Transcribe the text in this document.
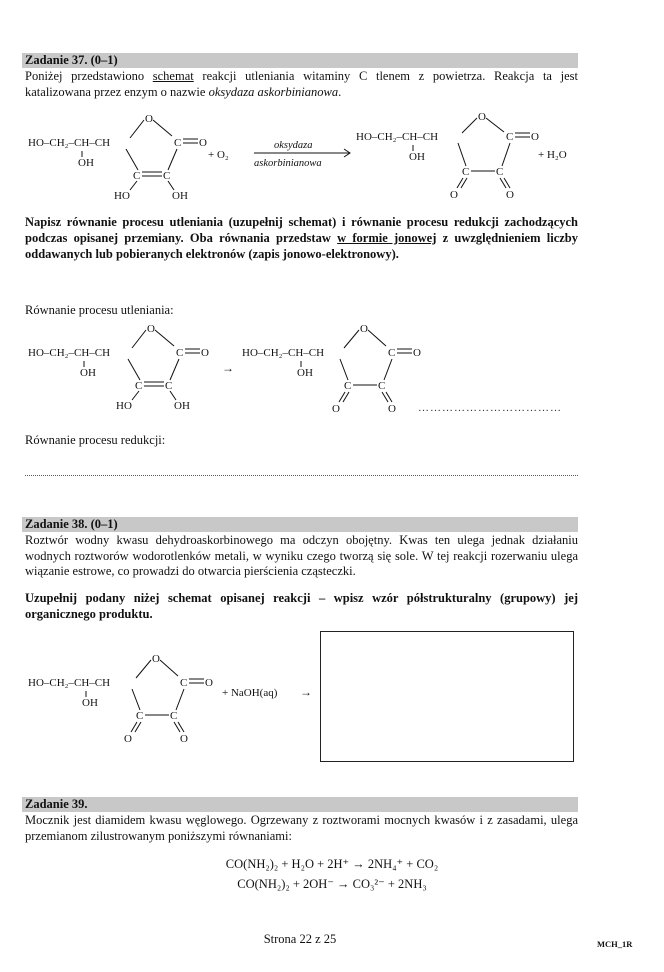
Zadanie 37. (0–1)
Poniżej przedstawiono schemat reakcji utleniania witaminy C tlenem z powietrza. Reakcja ta jest katalizowana przez enzym o nazwie oksydaza askorbinianowa.
HO–CH₂–CH–CH
OH
O
C O
C C
HO	OH
+ O₂
oksydaza
askorbinianowa
HO–CH₂–CH–CH
OH
O
C O
C C
O	O
+ H₂O
Napisz równanie procesu utleniania (uzupełnij schemat) i równanie procesu redukcji zachodzących podczas opisanej przemiany. Obа równania przedstaw w formie jonowej z uwzględnieniem liczby oddawanych lub pobieranych elektronów (zapis jonowo-elektronowy).
Równanie procesu utleniania:
HO–CH₂–CH–CH
OH
O
C O
C C
HO	OH
→
HO–CH₂–CH–CH
OH
O
C O
C C
O	O ………………………………
Równanie procesu redukcji:
Zadanie 38. (0–1)
Roztwór wodny kwasu dehydroaskorbinowego ma odczyn obojętny. Kwas ten ulega jednak działaniu wodnych roztworów wodorotlenków metali, w wyniku czego tworzą się sole. W tej reakcji rozerwaniu ulega wiązanie estrowe, co prowadzi do otwarcia pierścienia cząsteczki.
Uzupełnij podany niżej schemat opisanej reakcji – wpisz wzór półstrukturalny (grupowy) jej organicznego produktu.
HO–CH₂–CH–CH
OH
O
C O
C C
O	O
+ NaOH(aq) →
Zadanie 39.
Mocznik jest diamidem kwasu węglowego. Ogrzewany z roztworami mocnych kwasów i z zasadami, ulega przemianom zilustrowanym poniższymi równaniami:
CO(NH₂)₂ + H₂O + 2H⁺ → 2NH₄⁺ + CO₂
CO(NH₂)₂ + 2OH⁻ → CO₃²⁻ + 2NH₃
Strona 22 z 25	MCH_1R
